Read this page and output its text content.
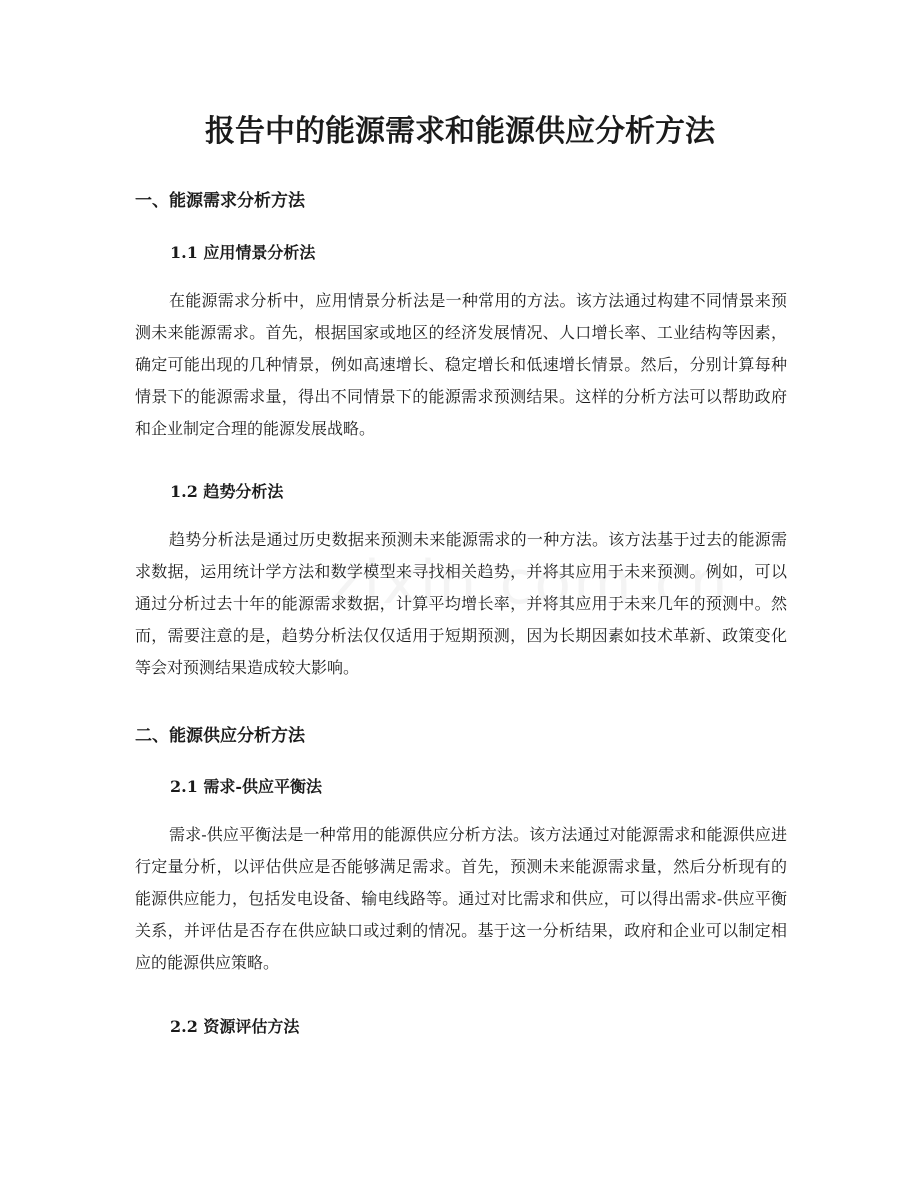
报告中的能源需求和能源供应分析方法
一、能源需求分析方法
1.1 应用情景分析法

在能源需求分析中，应用情景分析法是一种常用的方法。该方法通过构建不同情景来预测未来能源需求。首先，根据国家或地区的经济发展情况、人口增长率、工业结构等因素，确定可能出现的几种情景，例如高速增长、稳定增长和低速增长情景。然后，分别计算每种情景下的能源需求量，得出不同情景下的能源需求预测结果。这样的分析方法可以帮助政府和企业制定合理的能源发展战略。

1.2 趋势分析法

趋势分析法是通过历史数据来预测未来能源需求的一种方法。该方法基于过去的能源需求数据，运用统计学方法和数学模型来寻找相关趋势，并将其应用于未来预测。例如，可以通过分析过去十年的能源需求数据，计算平均增长率，并将其应用于未来几年的预测中。然而，需要注意的是，趋势分析法仅仅适用于短期预测，因为长期因素如技术革新、政策变化等会对预测结果造成较大影响。

二、能源供应分析方法
2.1 需求-供应平衡法

需求-供应平衡法是一种常用的能源供应分析方法。该方法通过对能源需求和能源供应进行定量分析，以评估供应是否能够满足需求。首先，预测未来能源需求量，然后分析现有的能源供应能力，包括发电设备、输电线路等。通过对比需求和供应，可以得出需求-供应平衡关系，并评估是否存在供应缺口或过剩的情况。基于这一分析结果，政府和企业可以制定相应的能源供应策略。

2.2 资源评估方法
